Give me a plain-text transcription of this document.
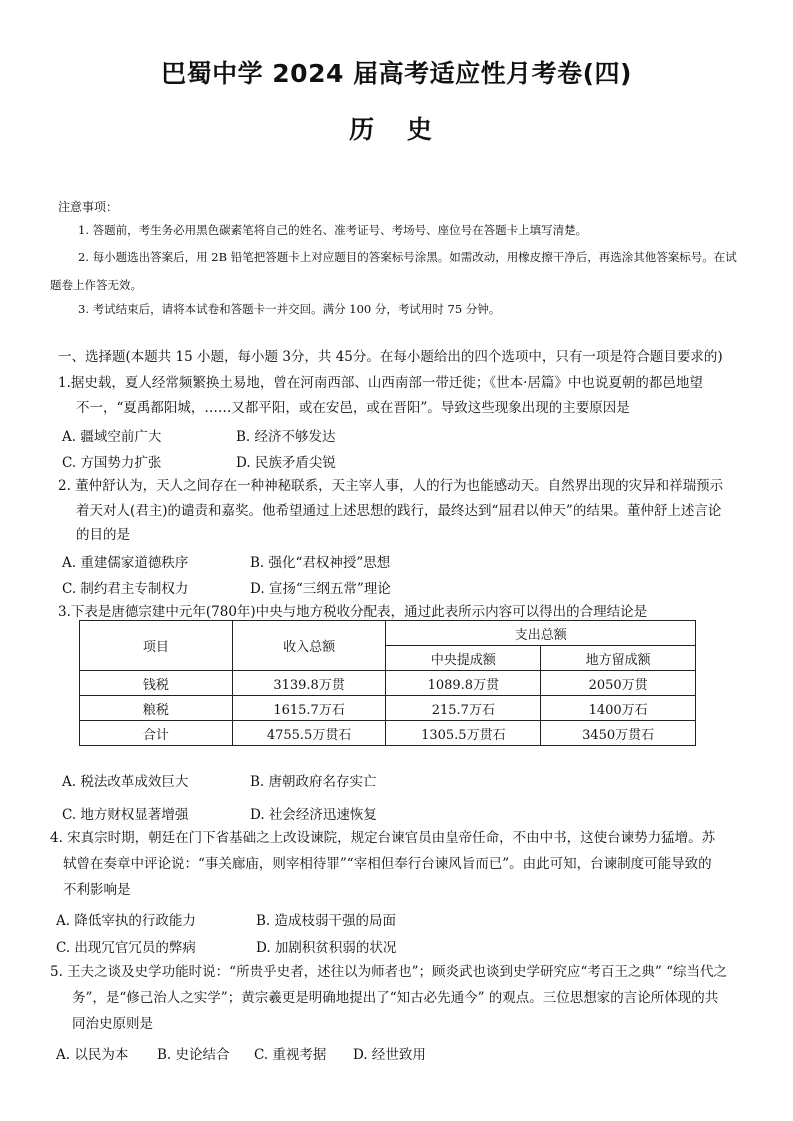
巴蜀中学 2024 届高考适应性月考卷(四)
历 史
注意事项：
1. 答题前，考生务必用黑色碳素笔将自己的姓名、准考证号、考场号、座位号在答题卡上填写清楚。
2. 每小题选出答案后，用 2B 铅笔把答题卡上对应题目的答案标号涂黑。如需改动，用橡皮擦干净后，再选涂其他答案标号。在试题卷上作答无效。
3. 考试结束后，请将本试卷和答题卡一并交回。满分 100 分，考试用时 75 分钟。
一、选择题(本题共 15 小题，每小题 3分，共 45分。在每小题给出的四个选项中，只有一项是符合题目要求的)
1.据史载，夏人经常频繁换土易地，曾在河南西部、山西南部一带迁徙；《世本·居篇》中也说夏朝的都邑地望
不一，“夏禹都阳城，……又都平阳，或在安邑，或在晋阳”。导致这些现象出现的主要原因是
A. 疆域空前广大	B. 经济不够发达
C. 方国势力扩张	D. 民族矛盾尖锐
2. 董仲舒认为，天人之间存在一种神秘联系，天主宰人事，人的行为也能感动天。自然界出现的灾异和祥瑞预示
着天对人(君主)的谴责和嘉奖。他希望通过上述思想的践行，最终达到“屈君以伸天”的结果。董仲舒上述言论
的目的是
A. 重建儒家道德秩序	B. 强化“君权神授”思想
C. 制约君主专制权力	D. 宣扬“三纲五常”理论
3.下表是唐德宗建中元年(780年)中央与地方税收分配表，通过此表所示内容可以得出的合理结论是
项目	收入总额	支出总额	
		中央提成额	地方留成额
钱税	3139.8万贯	1089.8万贯	2050万贯
粮税	1615.7万石	215.7万石	1400万石
合计	4755.5万贯石	1305.5万贯石	3450万贯石
A. 税法改革成效巨大	B. 唐朝政府名存实亡
C. 地方财权显著增强	D. 社会经济迅速恢复
4. 宋真宗时期，朝廷在门下省基础之上改设谏院，规定台谏官员由皇帝任命，不由中书，这使台谏势力猛增。苏
轼曾在奏章中评论说：“事关廊庙，则宰相待罪”“宰相但奉行台谏风旨而已”。由此可知，台谏制度可能导致的
不利影响是
A. 降低宰执的行政能力	B. 造成枝弱干强的局面
C. 出现冗官冗员的弊病	D. 加剧积贫积弱的状况
5. 王夫之谈及史学功能时说：“所贵乎史者，述往以为师者也”；顾炎武也谈到史学研究应“考百王之典” “综当代之
务”，是“修己治人之实学”；黄宗羲更是明确地提出了“知古必先通今” 的观点。三位思想家的言论所体现的共
同治史原则是
A. 以民为本 B. 史论结合 C. 重视考据 D. 经世致用
